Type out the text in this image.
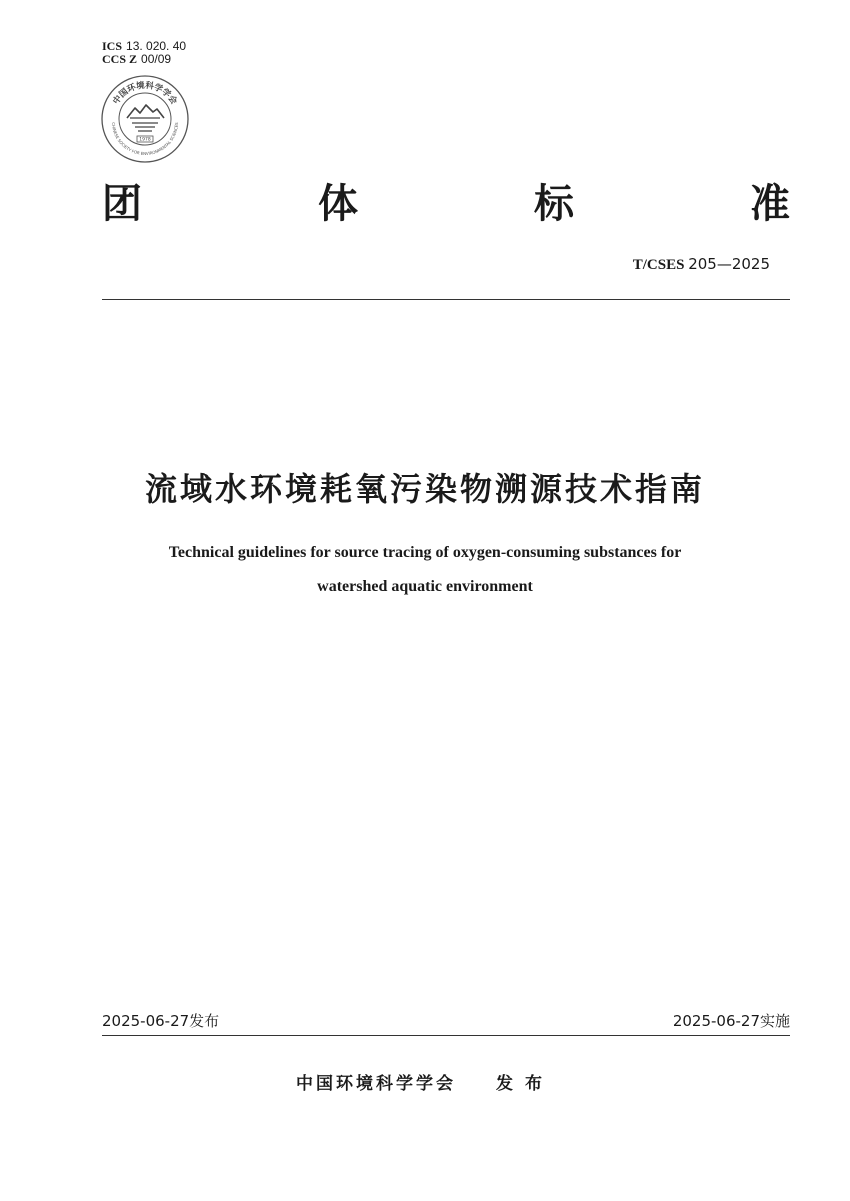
ICS 13. 020. 40
CCS Z 00/09
中国环境科学学会
CHINESE SOCIETY FOR ENVIRONMENTAL SCIENCES
1978
团	体	标	准
T/CSES 205—2025
流域水环境耗氧污染物溯源技术指南
Technical guidelines for source tracing of oxygen-consuming substances for
watershed aquatic environment
2025-06-27发布	2025-06-27实施
中国环境科学学会 发布
